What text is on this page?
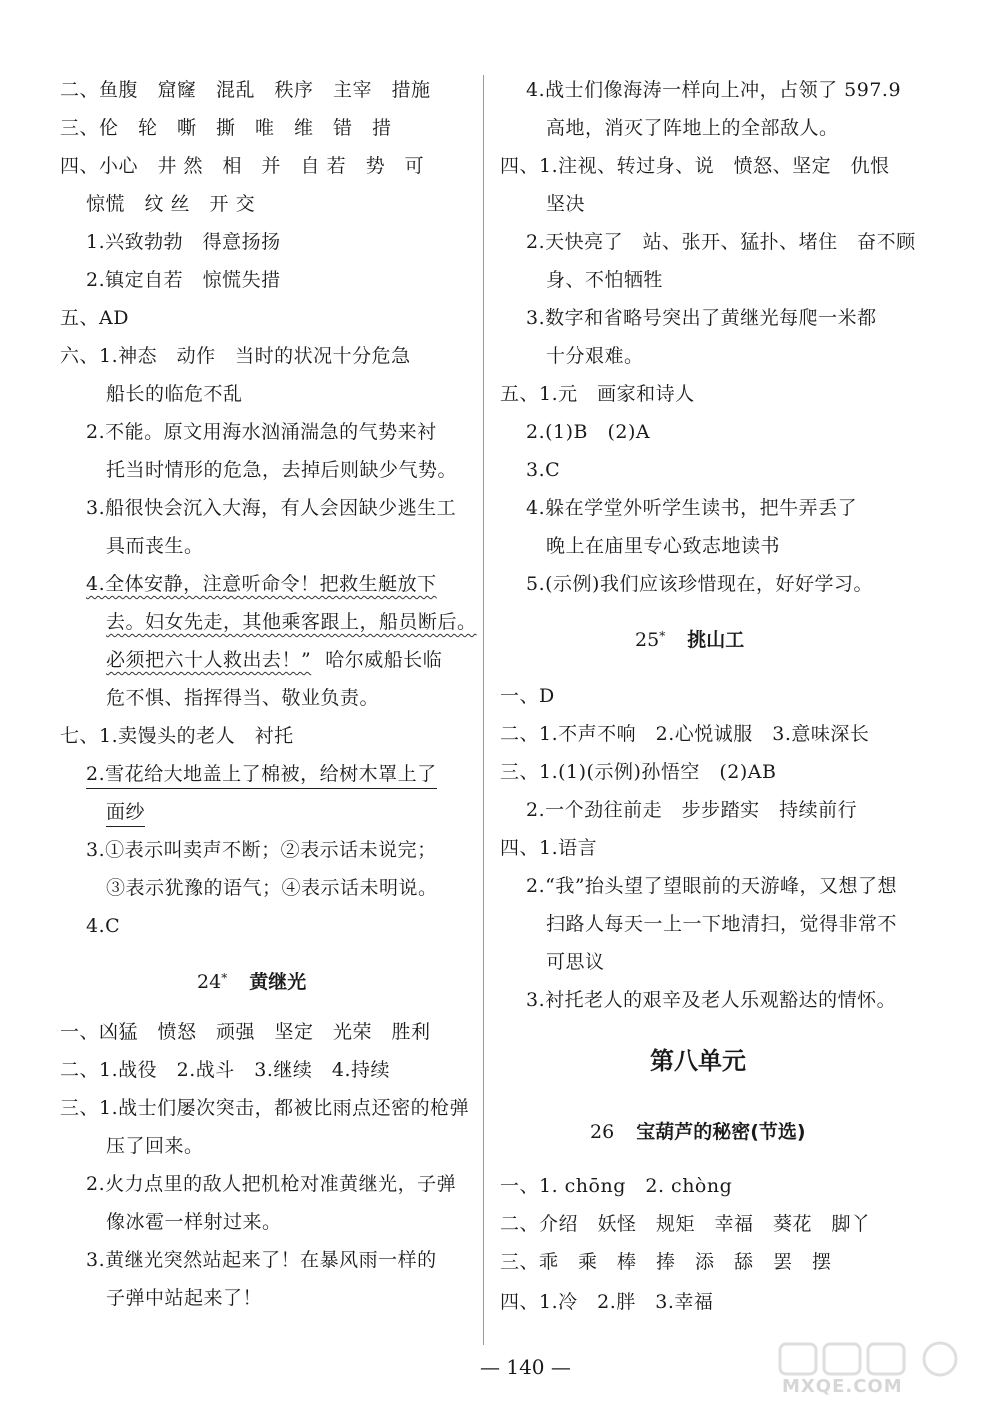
二、鱼腹　窟窿　混乱　秩序　主宰　措施
三、伦　轮　嘶　撕　唯　维　错　措
四、小心　井 然　相　并　自 若　势　可
惊慌　纹 丝　开 交
1.兴致勃勃　得意扬扬
2.镇定自若　惊慌失措
五、AD
六、1.神态　动作　当时的状况十分危急
船长的临危不乱
2.不能。原文用海水汹涌湍急的气势来衬
托当时情形的危急，去掉后则缺少气势。
3.船很快会沉入大海，有人会因缺少逃生工
具而丧生。
4.全体安静，注意听命令！把救生艇放下
去。妇女先走，其他乘客跟上，船员断后。
必须把六十人救出去！” 哈尔威船长临
危不惧、指挥得当、敬业负责。
七、1.卖馒头的老人　衬托
2.雪花给大地盖上了棉被，给树木罩上了
面纱
3.①表示叫卖声不断；②表示话未说完；
③表示犹豫的语气；④表示话未明说。
4.C
24* 黄继光
一、凶猛　愤怒　顽强　坚定　光荣　胜利
二、1.战役　2.战斗　3.继续　4.持续
三、1.战士们屡次突击，都被比雨点还密的枪弹
压了回来。
2.火力点里的敌人把机枪对准黄继光，子弹
像冰雹一样射过来。
3.黄继光突然站起来了！在暴风雨一样的
子弹中站起来了！
4.战士们像海涛一样向上冲，占领了 597.9
高地，消灭了阵地上的全部敌人。
四、1.注视、转过身、说　愤怒、坚定　仇恨
坚决
2.天快亮了　站、张开、猛扑、堵住　奋不顾
身、不怕牺牲
3.数字和省略号突出了黄继光每爬一米都
十分艰难。
五、1.元　画家和诗人
2.(1)B　(2)A
3.C
4.躲在学堂外听学生读书，把牛弄丢了
晚上在庙里专心致志地读书
5.(示例)我们应该珍惜现在，好好学习。
25* 挑山工
一、D
二、1.不声不响　2.心悦诚服　3.意味深长
三、1.(1)(示例)孙悟空　(2)AB
2.一个劲往前走　步步踏实　持续前行
四、1.语言
2.“我”抬头望了望眼前的天游峰，又想了想
扫路人每天一上一下地清扫，觉得非常不
可思议
3.衬托老人的艰辛及老人乐观豁达的情怀。
26 宝葫芦的秘密(节选)
一、1. chōng　2. chòng
二、介绍　妖怪　规矩　幸福　葵花　脚丫
三、乖　乘　棒　捧　添　舔　罢　摆
四、1.冷　2.胖　3.幸福
第八单元
— 140 —
MXQE.COM
